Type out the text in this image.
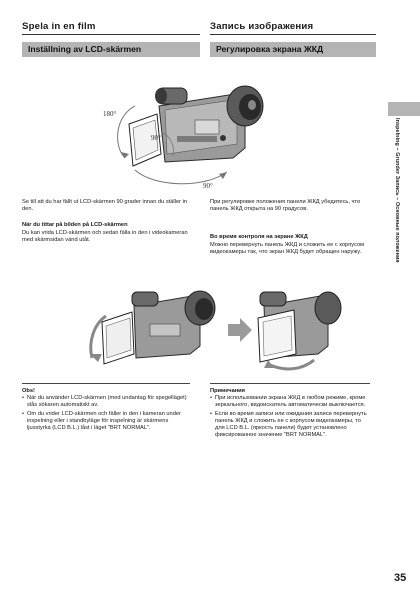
Spela in en film	Запись изображения
Inställning av LCD-skärmen	Регулировка экрана ЖКД
180°
90°
90°
Se till att du har fällt ut LCD-skärmen 90 grader innan du ställer in den.
När du tittar på bilden på LCD-skärmen
Du kan vrida LCD-skärmen och sedan fälla in den i videokameran med skärmsidan vänd utåt.
При регулировке положения панели ЖКД убедитесь, что панель ЖКД открыта на 90 градусов.
Во время контроля на экране ЖКД
Можно перевернуть панель ЖКД и сложить ее с корпусом видеокамеры так, что экран ЖКД будет обращен наружу.
Obs!
• När du använder LCD-skärmen (med undantag för spegelläget) slås sökaren automatiskt av.
• Om du vrider LCD-skärmen och fäller in den i kameran under inspelning eller i standbyläge för inspelning är skärmens ljusstyrka (LCD B.L.) låst i läget "BRT NORMAL".
Примечания
• При использовании экрана ЖКД в любом режиме, кроме зеркального, видоискатель автоматически выключается.
• Если во время записи или ожидания записи перевернуть панель ЖКД и сложить ее с корпусом видеокамеры, то для LCD B.L. (яркость панели) будет установлено фиксированное значение "BRT NORMAL".
Inspelning – Grunder Запись – Основные положения
35
